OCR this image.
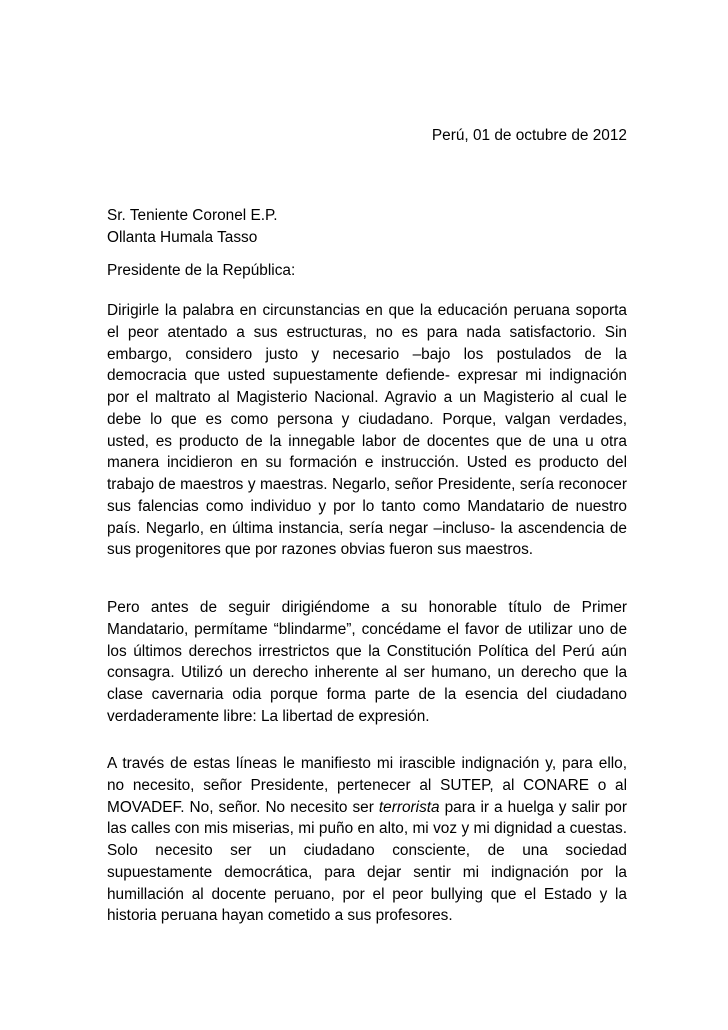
Perú, 01 de octubre de 2012
Sr. Teniente Coronel E.P.
Ollanta Humala Tasso
Presidente de la República:

Dirigirle la palabra en circunstancias en que la educación peruana soporta el peor atentado a sus estructuras, no es para nada satisfactorio. Sin embargo, considero justo y necesario –bajo los postulados de la democracia que usted supuestamente defiende- expresar mi indignación por el maltrato al Magisterio Nacional. Agravio a un Magisterio al cual le debe lo que es como persona y ciudadano. Porque, valgan verdades, usted, es producto de la innegable labor de docentes que de una u otra manera incidieron en su formación e instrucción. Usted es producto del trabajo de maestros y maestras. Negarlo, señor Presidente, sería reconocer sus falencias como individuo y por lo tanto como Mandatario de nuestro país. Negarlo, en última instancia, sería negar –incluso- la ascendencia de sus progenitores que por razones obvias fueron sus maestros.

Pero antes de seguir dirigiéndome a su honorable título de Primer Mandatario, permítame “blindarme”, concédame el favor de utilizar uno de los últimos derechos irrestrictos que la Constitución Política del Perú aún consagra. Utilizó un derecho inherente al ser humano, un derecho que la clase cavernaria odia porque forma parte de la esencia del ciudadano verdaderamente libre: La libertad de expresión.

A través de estas líneas le manifiesto mi irascible indignación y, para ello, no necesito, señor Presidente, pertenecer al SUTEP, al CONARE o al MOVADEF. No, señor. No necesito ser terrorista para ir a huelga y salir por las calles con mis miserias, mi puño en alto, mi voz y mi dignidad a cuestas. Solo necesito ser un ciudadano consciente, de una sociedad supuestamente democrática, para dejar sentir mi indignación por la humillación al docente peruano, por el peor bullying que el Estado y la historia peruana hayan cometido a sus profesores.
